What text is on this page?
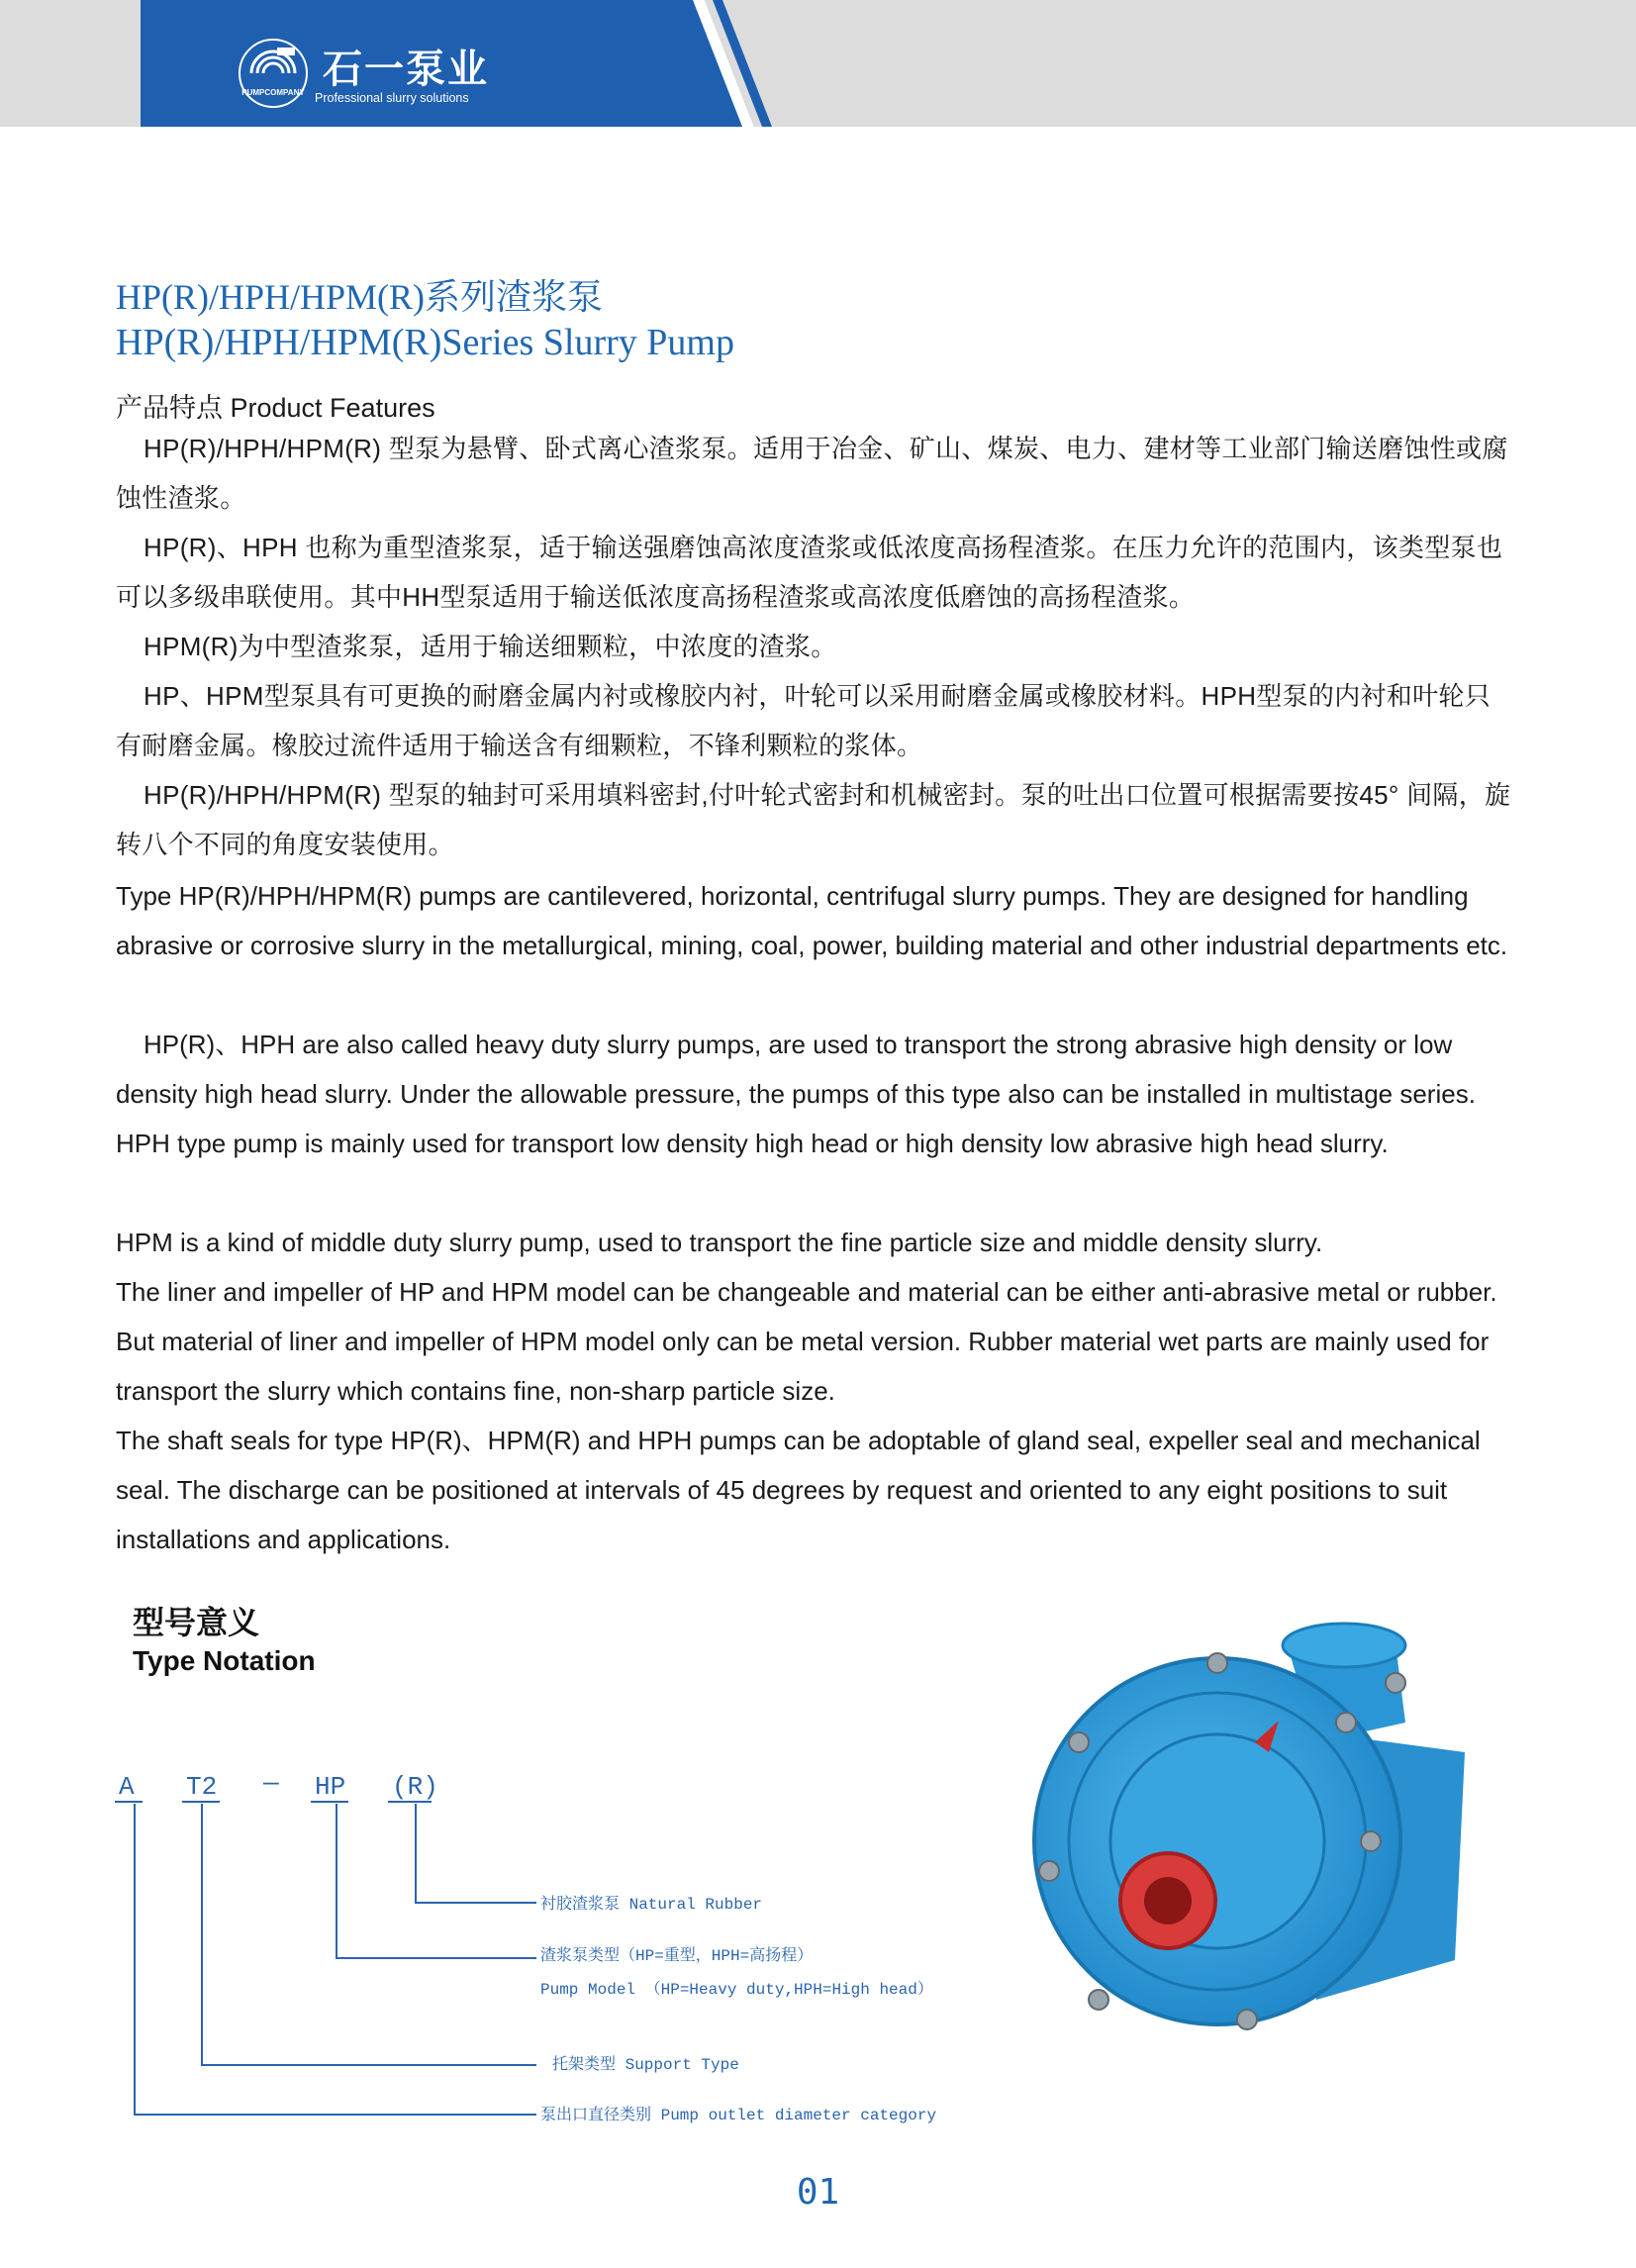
PUMPCOMPANY
石一泵业
Professional slurry solutions
HP(R)/HPH/HPM(R)系列渣浆泵
HP(R)/HPH/HPM(R)Series Slurry Pump
产品特点 Product Features

HP(R)/HPH/HPM(R) 型泵为悬臂、卧式离心渣浆泵。适用于冶金、矿山、煤炭、电力、建材等工业部门输送磨蚀性或腐蚀性渣浆。

HP(R)、HPH 也称为重型渣浆泵，适于输送强磨蚀高浓度渣浆或低浓度高扬程渣浆。在压力允许的范围内，该类型泵也可以多级串联使用。其中HH型泵适用于输送低浓度高扬程渣浆或高浓度低磨蚀的高扬程渣浆。

HPM(R)为中型渣浆泵，适用于输送细颗粒，中浓度的渣浆。

HP、HPM型泵具有可更换的耐磨金属内衬或橡胶内衬，叶轮可以采用耐磨金属或橡胶材料。HPH型泵的内衬和叶轮只有耐磨金属。橡胶过流件适用于输送含有细颗粒，不锋利颗粒的浆体。

HP(R)/HPH/HPM(R) 型泵的轴封可采用填料密封,付叶轮式密封和机械密封。泵的吐出口位置可根据需要按45° 间隔，旋转八个不同的角度安装使用。

Type HP(R)/HPH/HPM(R) pumps are cantilevered, horizontal, centrifugal slurry pumps. They are designed for handling abrasive or corrosive slurry in the metallurgical, mining, coal, power, building material and other industrial departments etc.

HP(R)、HPH are also called heavy duty slurry pumps, are used to transport the strong abrasive high density or low density high head slurry. Under the allowable pressure, the pumps of this type also can be installed in multistage series. HPH type pump is mainly used for transport low density high head or high density low abrasive high head slurry.

HPM is a kind of middle duty slurry pump, used to transport the fine particle size and middle density slurry.

The liner and impeller of HP and HPM model can be changeable and material can be either anti-abrasive metal or rubber. But material of liner and impeller of HPM model only can be metal version. Rubber material wet parts are mainly used for transport the slurry which contains fine, non-sharp particle size.

The shaft seals for type HP(R)、HPM(R) and HPH pumps can be adoptable of gland seal, expeller seal and mechanical seal. The discharge can be positioned at intervals of 45 degrees by request and oriented to any eight positions to suit installations and applications.

型号意义
Type Notation
A T2 — HP (R)
衬胶渣浆泵 Natural Rubber
渣浆泵类型（HP=重型，HPH=高扬程）
Pump Model （HP=Heavy duty,HPH=High head）
托架类型 Support Type
泵出口直径类别 Pump outlet diameter category
01
